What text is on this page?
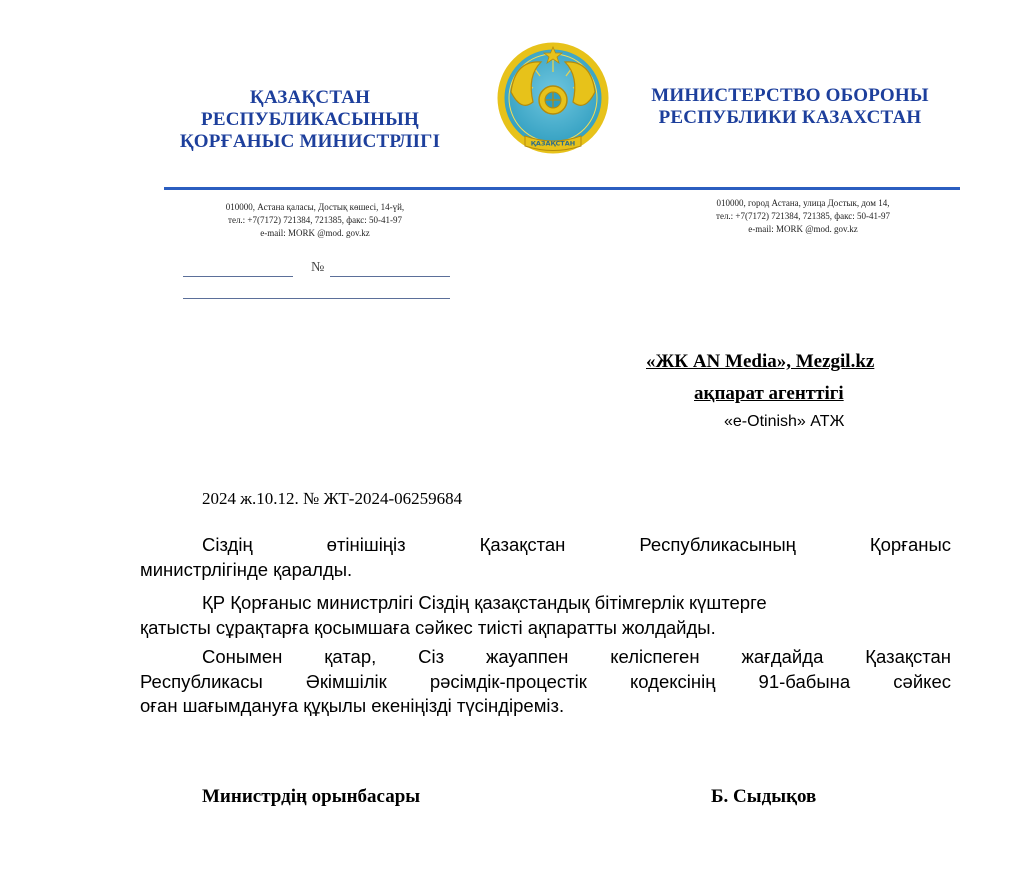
ҚАЗАҚСТАН РЕСПУБЛИКАСЫНЫҢ
ҚОРҒАНЫС МИНИСТРЛІГІ
МИНИСТЕРСТВО ОБОРОНЫ
РЕСПУБЛИКИ КАЗАХСТАН
ҚАЗАҚСТАН
010000, Астана қаласы, Достық көшесі, 14-үй,
тел.: +7(7172) 721384, 721385, факс: 50-41-97
e-mail: MORK @mod. gov.kz
010000, город Астана, улица Достык, дом 14,
тел.: +7(7172) 721384, 721385, факс: 50-41-97
e-mail: MORK @mod. gov.kz
№
«ЖК AN Media», Mezgil.kz
ақпарат агенттігі
«e-Otinish» АТЖ
2024 ж.10.12. № ЖТ-2024-06259684
Сіздің өтінішіңіз Қазақстан Республикасының Қорғаныс
министрлігінде қаралды.
ҚР Қорғаныс министрлігі Сіздің қазақстандық бітімгерлік күштерге
қатысты сұрақтарға қосымшаға сәйкес тиісті ақпаратты жолдайды.
Сонымен қатар, Сіз жауаппен келіспеген жағдайда Қазақстан
Республикасы Әкімшілік рәсімдік-процестік кодексінің 91-бабына сәйкес
оған шағымдануға құқылы екеніңізді түсіндіреміз.
Министрдің орынбасары	Б. Сыдықов
